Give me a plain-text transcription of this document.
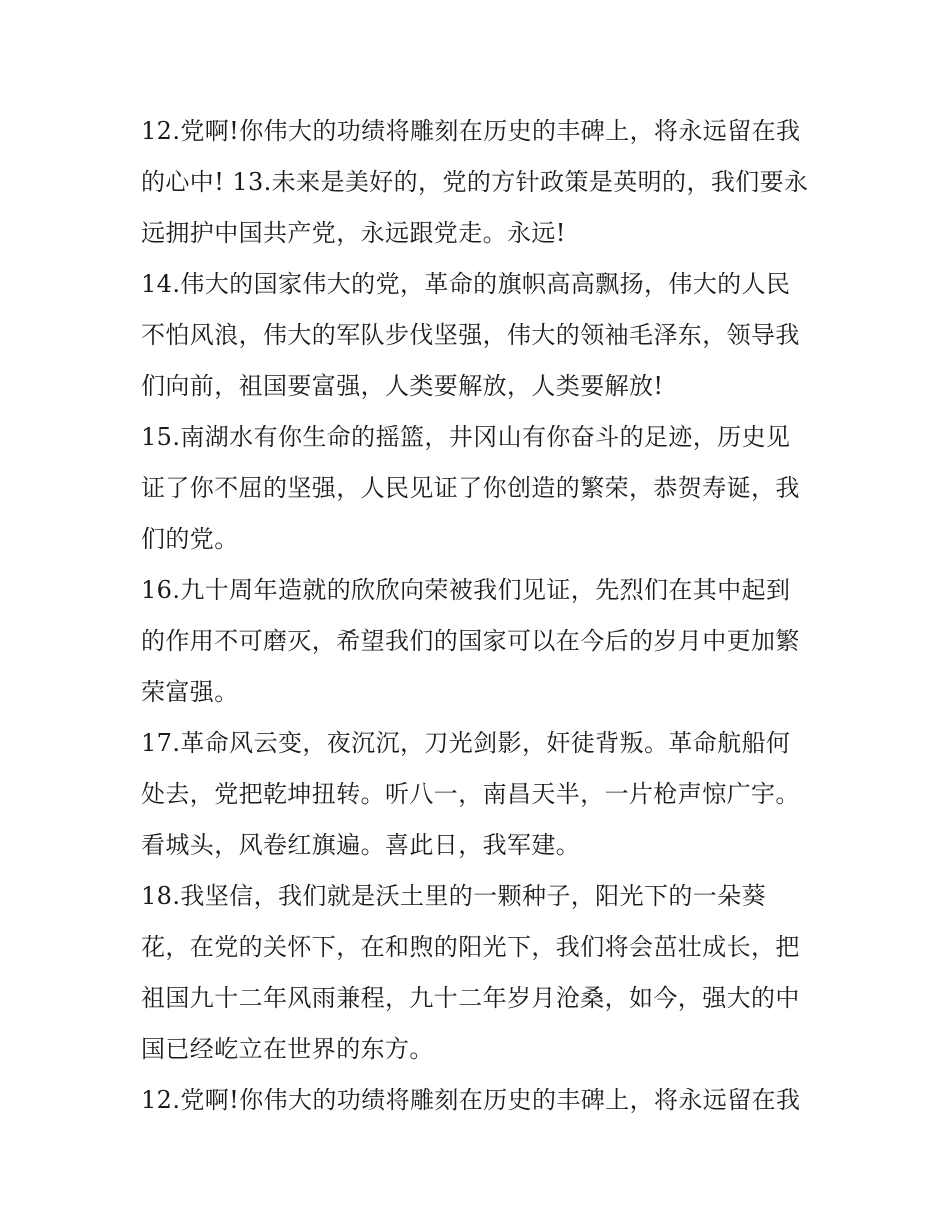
12.党啊!你伟大的功绩将雕刻在历史的丰碑上，将永远留在我
的心中! 13.未来是美好的，党的方针政策是英明的，我们要永
远拥护中国共产党，永远跟党走。永远!
14.伟大的国家伟大的党，革命的旗帜高高飘扬，伟大的人民
不怕风浪，伟大的军队步伐坚强，伟大的领袖毛泽东，领导我
们向前，祖国要富强，人类要解放，人类要解放!
15.南湖水有你生命的摇篮，井冈山有你奋斗的足迹，历史见
证了你不屈的坚强，人民见证了你创造的繁荣，恭贺寿诞，我
们的党。
16.九十周年造就的欣欣向荣被我们见证，先烈们在其中起到
的作用不可磨灭，希望我们的国家可以在今后的岁月中更加繁
荣富强。
17.革命风云变，夜沉沉，刀光剑影，奸徒背叛。革命航船何
处去，党把乾坤扭转。听八一，南昌天半，一片枪声惊广宇。
看城头，风卷红旗遍。喜此日，我军建。
18.我坚信，我们就是沃土里的一颗种子，阳光下的一朵葵
花，在党的关怀下，在和煦的阳光下，我们将会茁壮成长，把
祖国九十二年风雨兼程，九十二年岁月沧桑，如今，强大的中
国已经屹立在世界的东方。
12.党啊!你伟大的功绩将雕刻在历史的丰碑上，将永远留在我
